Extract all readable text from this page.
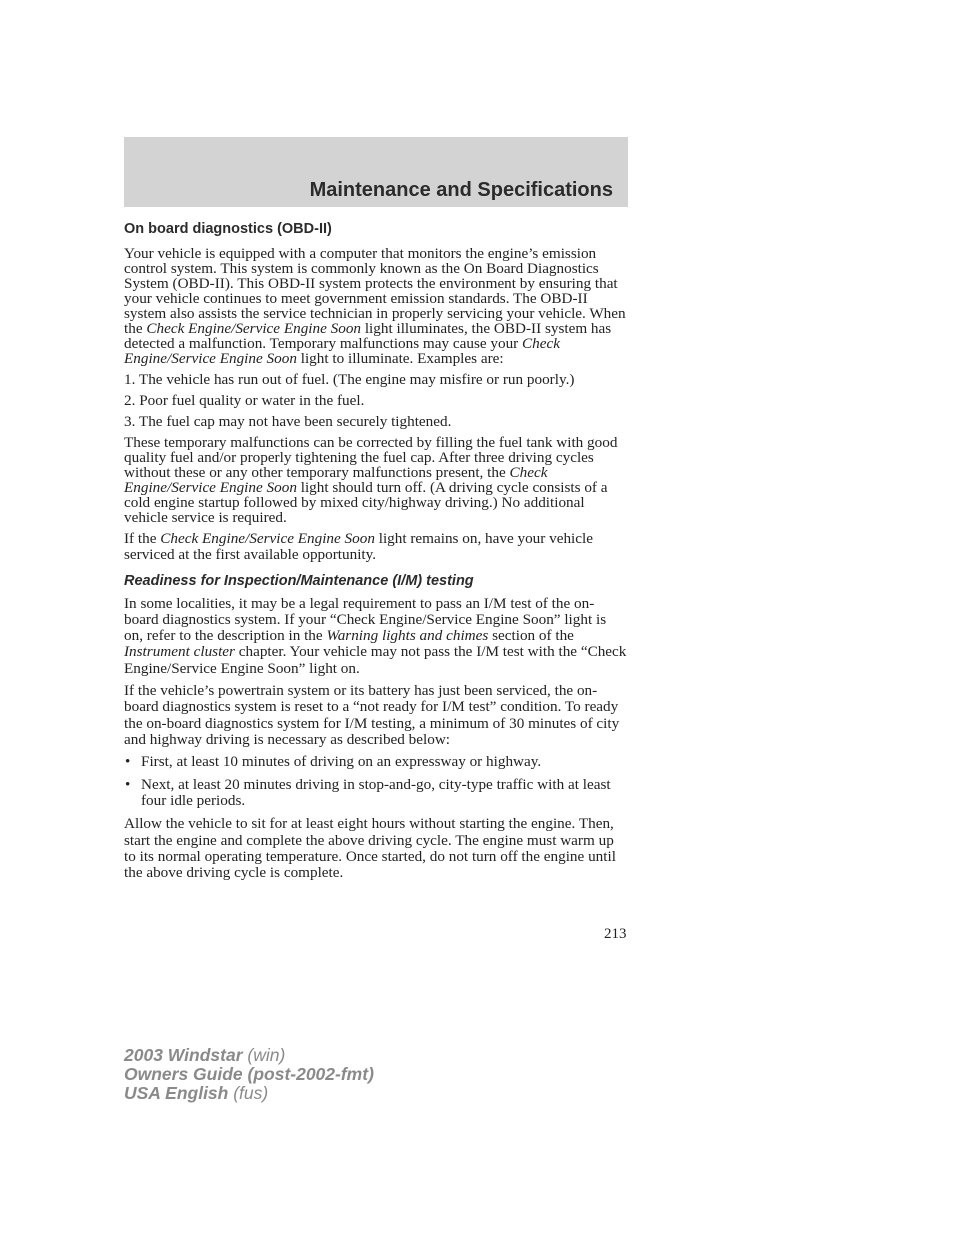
Maintenance and Specifications
On board diagnostics (OBD-II)

Your vehicle is equipped with a computer that monitors the engine’s emission control system. This system is commonly known as the On Board Diagnostics System (OBD-II). This OBD-II system protects the environment by ensuring that your vehicle continues to meet government emission standards. The OBD-II system also assists the service technician in properly servicing your vehicle. When the Check Engine/Service Engine Soon light illuminates, the OBD-II system has detected a malfunction. Temporary malfunctions may cause your Check Engine/Service Engine Soon light to illuminate. Examples are:

1. The vehicle has run out of fuel. (The engine may misfire or run poorly.)

2. Poor fuel quality or water in the fuel.

3. The fuel cap may not have been securely tightened.

These temporary malfunctions can be corrected by filling the fuel tank with good quality fuel and/or properly tightening the fuel cap. After three driving cycles without these or any other temporary malfunctions present, the Check Engine/Service Engine Soon light should turn off. (A driving cycle consists of a cold engine startup followed by mixed city/highway driving.) No additional vehicle service is required.

If the Check Engine/Service Engine Soon light remains on, have your vehicle serviced at the first available opportunity.

Readiness for Inspection/Maintenance (I/M) testing

In some localities, it may be a legal requirement to pass an I/M test of the on-board diagnostics system. If your “Check Engine/Service Engine Soon” light is on, refer to the description in the Warning lights and chimes section of the Instrument cluster chapter. Your vehicle may not pass the I/M test with the “Check Engine/Service Engine Soon” light on.

If the vehicle’s powertrain system or its battery has just been serviced, the on-board diagnostics system is reset to a “not ready for I/M test” condition. To ready the on-board diagnostics system for I/M testing, a minimum of 30 minutes of city and highway driving is necessary as described below:

• First, at least 10 minutes of driving on an expressway or highway.
• Next, at least 20 minutes driving in stop-and-go, city-type traffic with at least four idle periods.

Allow the vehicle to sit for at least eight hours without starting the engine. Then, start the engine and complete the above driving cycle. The engine must warm up to its normal operating temperature. Once started, do not turn off the engine until the above driving cycle is complete.

213
2003 Windstar (win)
Owners Guide (post-2002-fmt)
USA English (fus)
